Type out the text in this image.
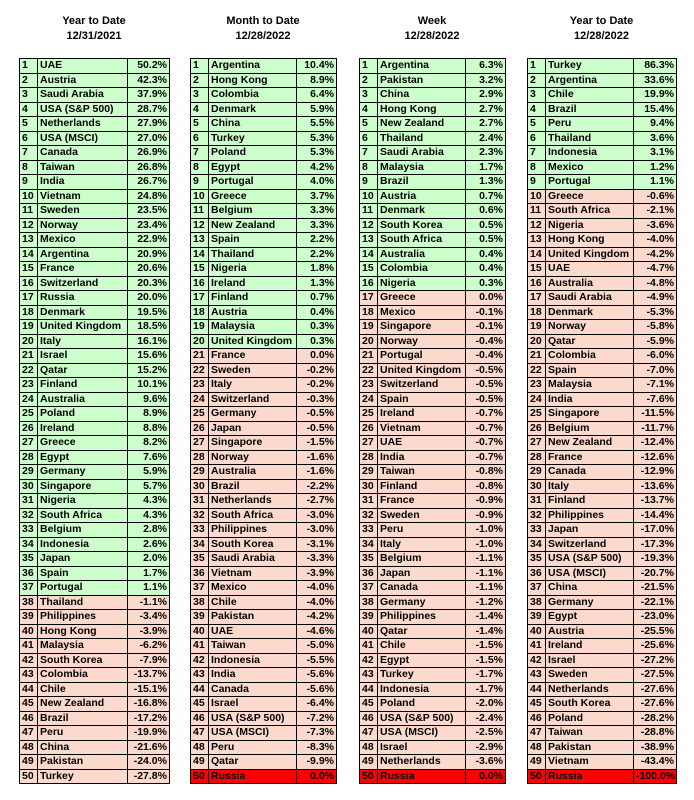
Year to Date
12/31/2021
1	UAE	50.2%
2	Austria	42.3%
3	Saudi Arabia	37.9%
4	USA (S&P 500)	28.7%
5	Netherlands	27.9%
6	USA (MSCI)	27.0%
7	Canada	26.9%
8	Taiwan	26.8%
9	India	26.7%
10	Vietnam	24.8%
11	Sweden	23.5%
12	Norway	23.4%
13	Mexico	22.9%
14	Argentina	20.9%
15	France	20.6%
16	Switzerland	20.3%
17	Russia	20.0%
18	Denmark	19.5%
19	United Kingdom	18.5%
20	Italy	16.1%
21	Israel	15.6%
22	Qatar	15.2%
23	Finland	10.1%
24	Australia	9.6%
25	Poland	8.9%
26	Ireland	8.8%
27	Greece	8.2%
28	Egypt	7.6%
29	Germany	5.9%
30	Singapore	5.7%
31	Nigeria	4.3%
32	South Africa	4.3%
33	Belgium	2.8%
34	Indonesia	2.6%
35	Japan	2.0%
36	Spain	1.7%
37	Portugal	1.1%
38	Thailand	-1.1%
39	Philippines	-3.4%
40	Hong Kong	-3.9%
41	Malaysia	-6.2%
42	South Korea	-7.9%
43	Colombia	-13.7%
44	Chile	-15.1%
45	New Zealand	-16.8%
46	Brazil	-17.2%
47	Peru	-19.9%
48	China	-21.6%
49	Pakistan	-24.0%
50	Turkey	-27.8%
Month to Date
12/28/2022
1	Argentina	10.4%
2	Hong Kong	8.9%
3	Colombia	6.4%
4	Denmark	5.9%
5	China	5.5%
6	Turkey	5.3%
7	Poland	5.3%
8	Egypt	4.2%
9	Portugal	4.0%
10	Greece	3.7%
11	Belgium	3.3%
12	New Zealand	3.3%
13	Spain	2.2%
14	Thailand	2.2%
15	Nigeria	1.8%
16	Ireland	1.3%
17	Finland	0.7%
18	Austria	0.4%
19	Malaysia	0.3%
20	United Kingdom	0.3%
21	France	0.0%
22	Sweden	-0.2%
23	Italy	-0.2%
24	Switzerland	-0.3%
25	Germany	-0.5%
26	Japan	-0.5%
27	Singapore	-1.5%
28	Norway	-1.6%
29	Australia	-1.6%
30	Brazil	-2.2%
31	Netherlands	-2.7%
32	South Africa	-3.0%
33	Philippines	-3.0%
34	South Korea	-3.1%
35	Saudi Arabia	-3.3%
36	Vietnam	-3.9%
37	Mexico	-4.0%
38	Chile	-4.0%
39	Pakistan	-4.2%
40	UAE	-4.6%
41	Taiwan	-5.0%
42	Indonesia	-5.5%
43	India	-5.6%
44	Canada	-5.6%
45	Israel	-6.4%
46	USA (S&P 500)	-7.2%
47	USA (MSCI)	-7.3%
48	Peru	-8.3%
49	Qatar	-9.9%
50	Russia	0.0%
Week
12/28/2022
1	Argentina	6.3%
2	Pakistan	3.2%
3	China	2.9%
4	Hong Kong	2.7%
5	New Zealand	2.7%
6	Thailand	2.4%
7	Saudi Arabia	2.3%
8	Malaysia	1.7%
9	Brazil	1.3%
10	Austria	0.7%
11	Denmark	0.6%
12	South Korea	0.5%
13	South Africa	0.5%
14	Australia	0.4%
15	Colombia	0.4%
16	Nigeria	0.3%
17	Greece	0.0%
18	Mexico	-0.1%
19	Singapore	-0.1%
20	Norway	-0.4%
21	Portugal	-0.4%
22	United Kingdom	-0.5%
23	Switzerland	-0.5%
24	Spain	-0.5%
25	Ireland	-0.7%
26	Vietnam	-0.7%
27	UAE	-0.7%
28	India	-0.7%
29	Taiwan	-0.8%
30	Finland	-0.8%
31	France	-0.9%
32	Sweden	-0.9%
33	Peru	-1.0%
34	Italy	-1.0%
35	Belgium	-1.1%
36	Japan	-1.1%
37	Canada	-1.1%
38	Germany	-1.2%
39	Philippines	-1.4%
40	Qatar	-1.4%
41	Chile	-1.5%
42	Egypt	-1.5%
43	Turkey	-1.7%
44	Indonesia	-1.7%
45	Poland	-2.0%
46	USA (S&P 500)	-2.4%
47	USA (MSCI)	-2.5%
48	Israel	-2.9%
49	Netherlands	-3.6%
50	Russia	0.0%
Year to Date
12/28/2022
1	Turkey	86.3%
2	Argentina	33.6%
3	Chile	19.9%
4	Brazil	15.4%
5	Peru	9.4%
6	Thailand	3.6%
7	Indonesia	3.1%
8	Mexico	1.2%
9	Portugal	1.1%
10	Greece	-0.6%
11	South Africa	-2.1%
12	Nigeria	-3.6%
13	Hong Kong	-4.0%
14	United Kingdom	-4.2%
15	UAE	-4.7%
16	Australia	-4.8%
17	Saudi Arabia	-4.9%
18	Denmark	-5.3%
19	Norway	-5.8%
20	Qatar	-5.9%
21	Colombia	-6.0%
22	Spain	-7.0%
23	Malaysia	-7.1%
24	India	-7.6%
25	Singapore	-11.5%
26	Belgium	-11.7%
27	New Zealand	-12.4%
28	France	-12.6%
29	Canada	-12.9%
30	Italy	-13.6%
31	Finland	-13.7%
32	Philippines	-14.4%
33	Japan	-17.0%
34	Switzerland	-17.3%
35	USA (S&P 500)	-19.3%
36	USA (MSCI)	-20.7%
37	China	-21.5%
38	Germany	-22.1%
39	Egypt	-23.0%
40	Austria	-25.5%
41	Ireland	-25.6%
42	Israel	-27.2%
43	Sweden	-27.5%
44	Netherlands	-27.6%
45	South Korea	-27.6%
46	Poland	-28.2%
47	Taiwan	-28.8%
48	Pakistan	-38.9%
49	Vietnam	-43.4%
50	Russia	-100.0%
